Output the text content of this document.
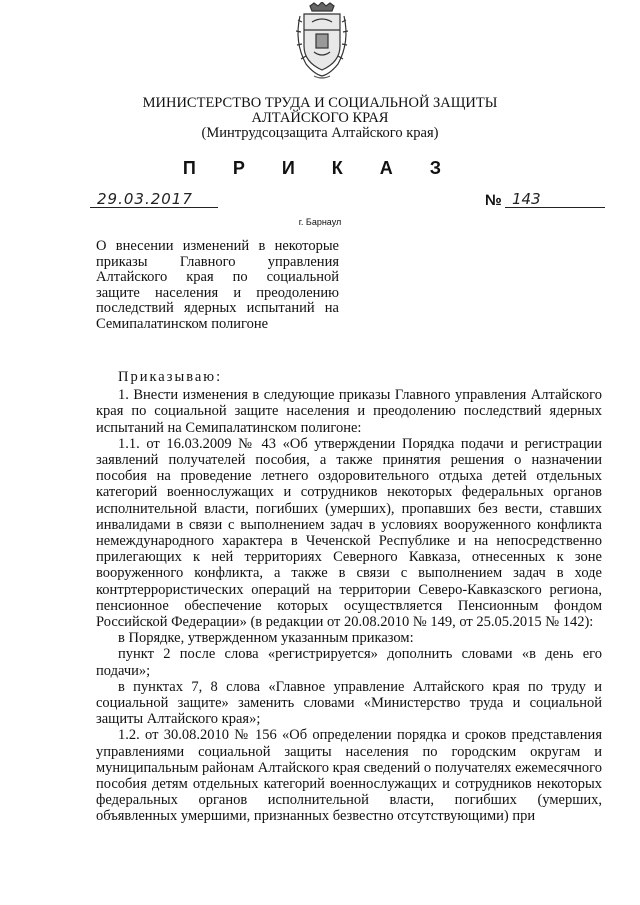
МИНИСТЕРСТВО ТРУДА И СОЦИАЛЬНОЙ ЗАЩИТЫ
АЛТАЙСКОГО КРАЯ
(Минтрудсоцзащита Алтайского края)
П Р И К А З
29.03.2017	№ 143
г. Барнаул
О внесении изменений в некоторые приказы Главного управления Алтайского края по социальной защите населения и преодолению последствий ядерных испытаний на Семипалатинском полигоне

Приказываю:

1. Внести изменения в следующие приказы Главного управления Алтайского края по социальной защите населения и преодолению последствий ядерных испытаний на Семипалатинском полигоне:

1.1. от 16.03.2009 № 43 «Об утверждении Порядка подачи и регистрации заявлений получателей пособия, а также принятия решения о назначении пособия на проведение летнего оздоровительного отдыха детей отдельных категорий военнослужащих и сотрудников некоторых федеральных органов исполнительной власти, погибших (умерших), пропавших без вести, ставших инвалидами в связи с выполнением задач в условиях вооруженного конфликта немеждународного характера в Чеченской Республике и на непосредственно прилегающих к ней территориях Северного Кавказа, отнесенных к зоне вооруженного конфликта, а также в связи с выполнением задач в ходе контртеррористических операций на территории Северо-Кавказского региона, пенсионное обеспечение которых осуществляется Пенсионным фондом Российской Федерации» (в редакции от 20.08.2010 № 149, от 25.05.2015 № 142):

в Порядке, утвержденном указанным приказом:

пункт 2 после слова «регистрируется» дополнить словами «в день его подачи»;

в пунктах 7, 8 слова «Главное управление Алтайского края по труду и социальной защите» заменить словами «Министерство труда и социальной защиты Алтайского края»;

1.2. от 30.08.2010 № 156 «Об определении порядка и сроков представления управлениями социальной защиты населения по городским округам и муниципальным районам Алтайского края сведений о получателях ежемесячного пособия детям отдельных категорий военнослужащих и сотрудников некоторых федеральных органов исполнительной власти, погибших (умерших, объявленных умершими, признанных безвестно отсутствующими) при
